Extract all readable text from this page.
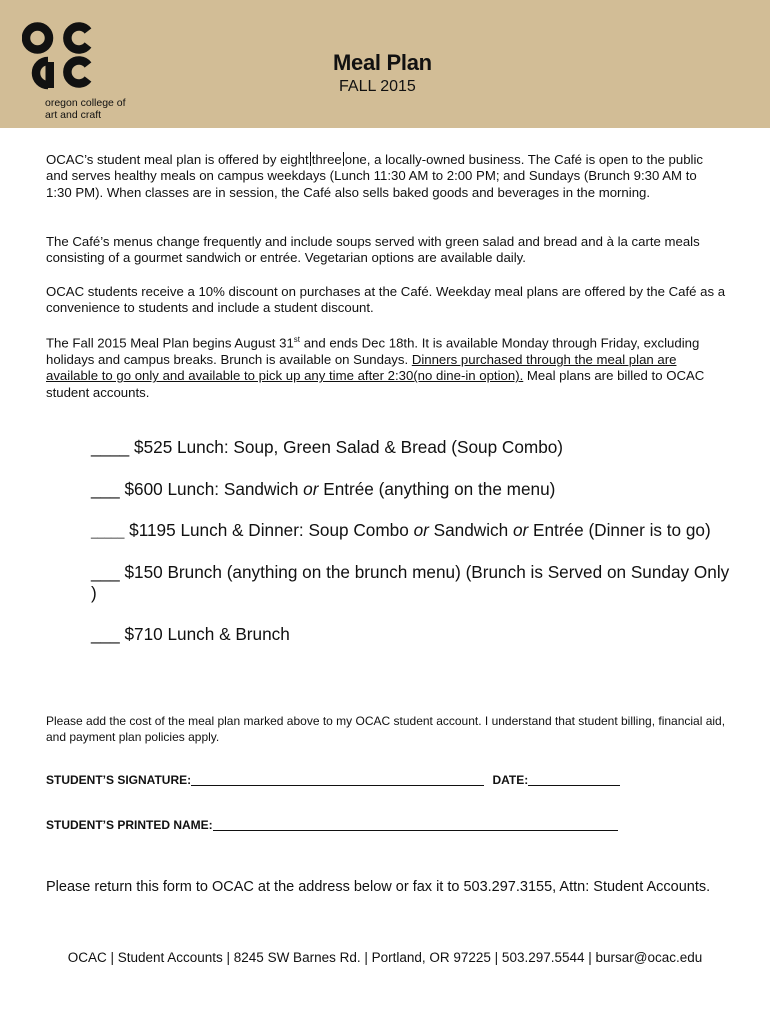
oregon college of
art and craft
Meal Plan
FALL 2015

OCAC’s student meal plan is offered by eight three one, a locally-owned business. The Café is open to the public and serves healthy meals on campus weekdays (Lunch 11:30 AM to 2:00 PM; and Sundays (Brunch 9:30 AM to 1:30 PM). When classes are in session, the Café also sells baked goods and beverages in the morning.

The Café’s menus change frequently and include soups served with green salad and bread and à la carte meals consisting of a gourmet sandwich or entrée. Vegetarian options are available daily.

OCAC students receive a 10% discount on purchases at the Café. Weekday meal plans are offered by the Café as a convenience to students and include a student discount.

The Fall 2015 Meal Plan begins August 31st and ends Dec 18th. It is available Monday through Friday, excluding holidays and campus breaks. Brunch is available on Sundays. Dinners purchased through the meal plan are available to go only and available to pick up any time after 2:30(no dine-in option). Meal plans are billed to OCAC student accounts.

____ $525 Lunch: Soup, Green Salad & Bread (Soup Combo)
___ $600 Lunch: Sandwich or Entrée (anything on the menu)
_____ $1195 Lunch & Dinner: Soup Combo or Sandwich or Entrée (Dinner is to go)
___ $150 Brunch (anything on the brunch menu) (Brunch is Served on Sunday Only )
___ $710 Lunch & Brunch
Please add the cost of the meal plan marked above to my OCAC student account. I understand that student billing, financial aid, and payment plan policies apply.
STUDENT’S SIGNATURE:	DATE:
STUDENT’S PRINTED NAME:
Please return this form to OCAC at the address below or fax it to 503.297.3155, Attn: Student Accounts.
OCAC | Student Accounts | 8245 SW Barnes Rd. | Portland, OR 97225 | 503.297.5544 | bursar@ocac.edu
